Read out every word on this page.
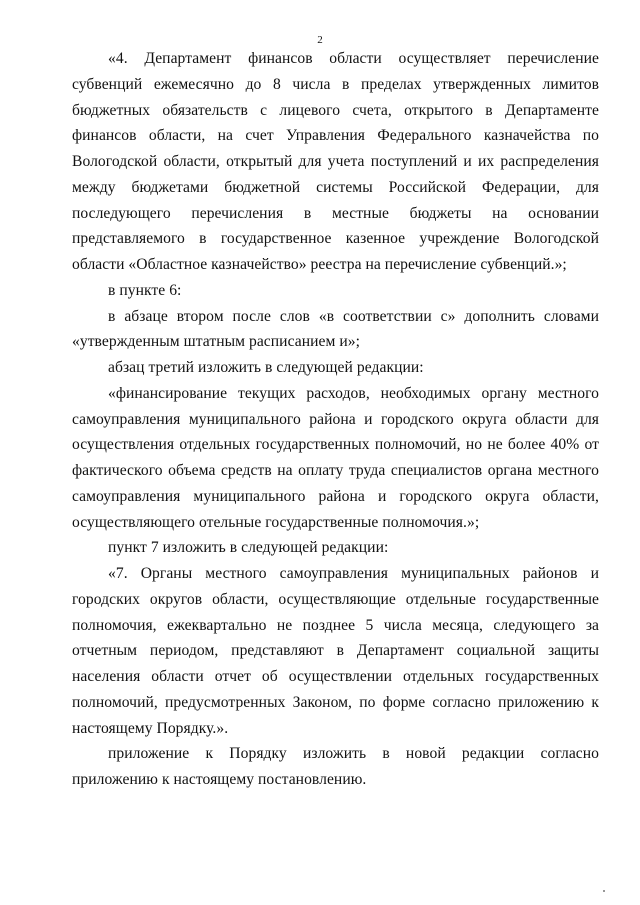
2

«4. Департамент финансов области осуществляет перечисление субвенций ежемесячно до 8 числа в пределах утвержденных лимитов бюджетных обязательств с лицевого счета, открытого в Департаменте финансов области, на счет Управления Федерального казначейства по Вологодской области, открытый для учета поступлений и их распределения между бюджетами бюджетной системы Российской Федерации, для последующего перечисления в местные бюджеты на основании представляемого в государственное казенное учреждение Вологодской области «Областное казначейство» реестра на перечисление субвенций.»;

в пункте 6:

в абзаце втором после слов «в соответствии с» дополнить словами «утвержденным штатным расписанием и»;

абзац третий изложить в следующей редакции:

«финансирование текущих расходов, необходимых органу местного самоуправления муниципального района и городского округа области для осуществления отдельных государственных полномочий, но не более 40% от фактического объема средств на оплату труда специалистов органа местного самоуправления муниципального района и городского округа области, осуществляющего отельные государственные полномочия.»;

пункт 7 изложить в следующей редакции:

«7. Органы местного самоуправления муниципальных районов и городских округов области, осуществляющие отдельные государственные полномочия, ежеквартально не позднее 5 числа месяца, следующего за отчетным периодом, представляют в Департамент социальной защиты населения области отчет об осуществлении отдельных государственных полномочий, предусмотренных Законом, по форме согласно приложению к настоящему Порядку.».

приложение к Порядку изложить в новой редакции согласно приложению к настоящему постановлению.
